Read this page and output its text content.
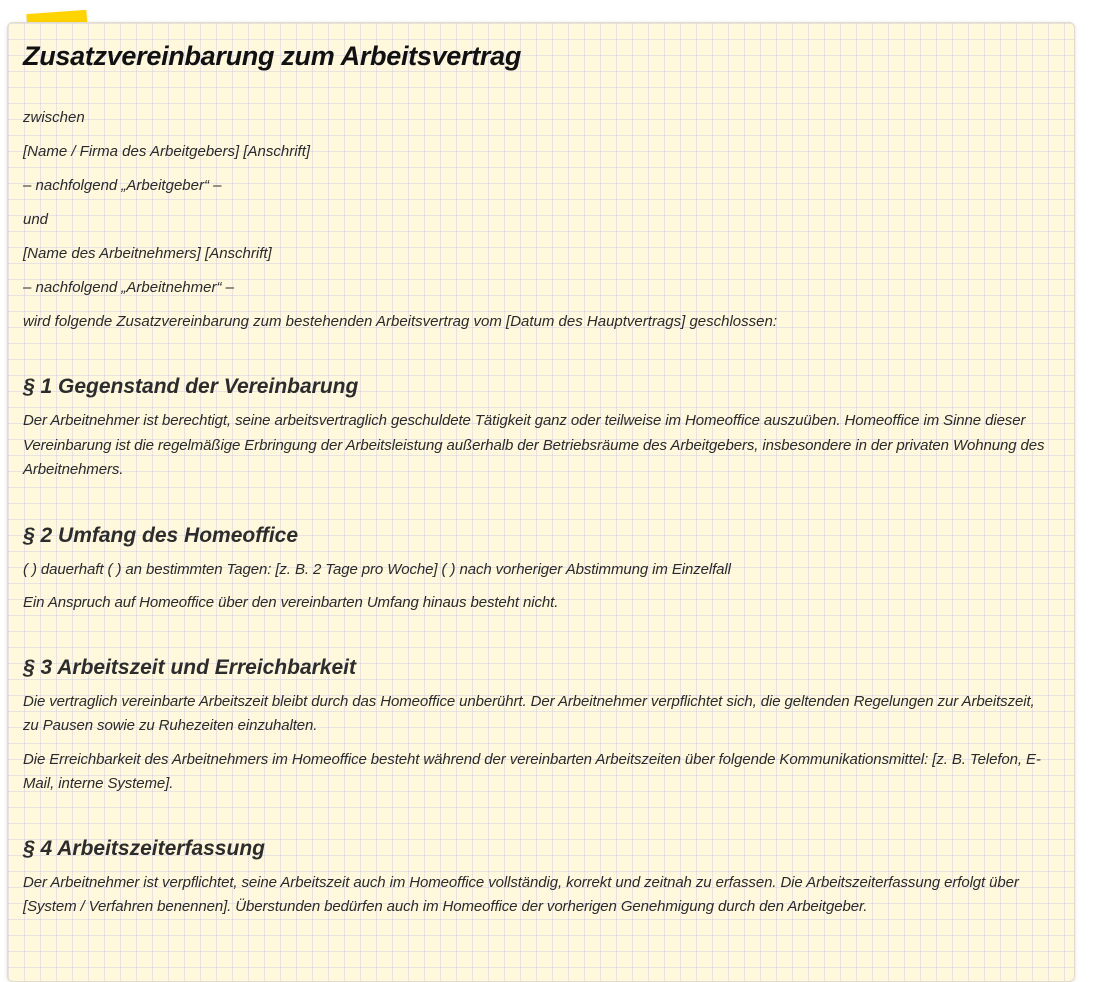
Zusatzvereinbarung zum Arbeitsvertrag

zwischen

[Name / Firma des Arbeitgebers] [Anschrift]

– nachfolgend „Arbeitgeber“ –

und

[Name des Arbeitnehmers] [Anschrift]

– nachfolgend „Arbeitnehmer“ –

wird folgende Zusatzvereinbarung zum bestehenden Arbeitsvertrag vom [Datum des Hauptvertrags] geschlossen:

§ 1 Gegenstand der Vereinbarung

Der Arbeitnehmer ist berechtigt, seine arbeitsvertraglich geschuldete Tätigkeit ganz oder teilweise im Homeoffice auszuüben. Homeoffice im Sinne dieser Vereinbarung ist die regelmäßige Erbringung der Arbeitsleistung außerhalb der Betriebsräume des Arbeitgebers, insbesondere in der privaten Wohnung des Arbeitnehmers.

§ 2 Umfang des Homeoffice

( ) dauerhaft ( ) an bestimmten Tagen: [z. B. 2 Tage pro Woche] ( ) nach vorheriger Abstimmung im Einzelfall

Ein Anspruch auf Homeoffice über den vereinbarten Umfang hinaus besteht nicht.

§ 3 Arbeitszeit und Erreichbarkeit

Die vertraglich vereinbarte Arbeitszeit bleibt durch das Homeoffice unberührt. Der Arbeitnehmer verpflichtet sich, die geltenden Regelungen zur Arbeitszeit, zu Pausen sowie zu Ruhezeiten einzuhalten.

Die Erreichbarkeit des Arbeitnehmers im Homeoffice besteht während der vereinbarten Arbeitszeiten über folgende Kommunikationsmittel: [z. B. Telefon, E-Mail, interne Systeme].

§ 4 Arbeitszeiterfassung

Der Arbeitnehmer ist verpflichtet, seine Arbeitszeit auch im Homeoffice vollständig, korrekt und zeitnah zu erfassen. Die Arbeitszeiterfassung erfolgt über [System / Verfahren benennen]. Überstunden bedürfen auch im Homeoffice der vorherigen Genehmigung durch den Arbeitgeber.
